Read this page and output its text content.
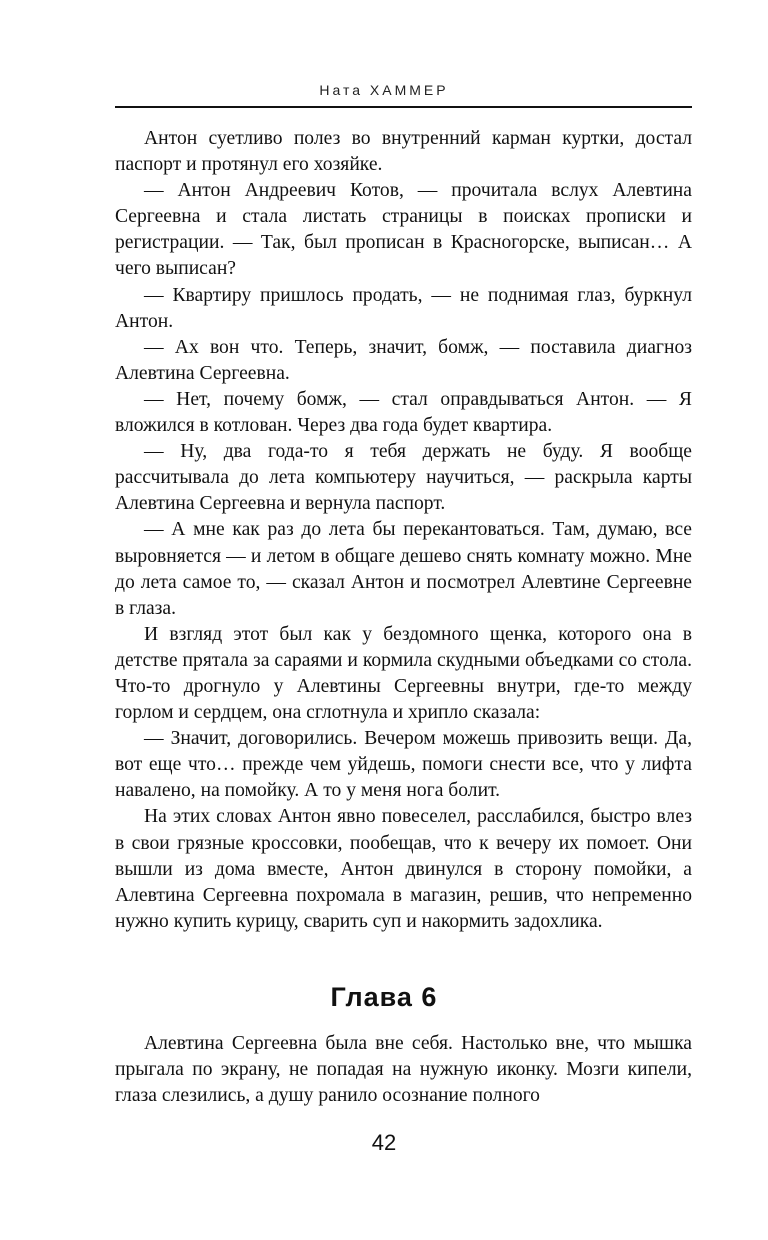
Ната ХАММЕР

Антон суетливо полез во внутренний карман куртки, достал паспорт и протянул его хозяйке.

— Антон Андреевич Котов, — прочитала вслух Алевтина Сергеевна и стала листать страницы в поисках прописки и регистрации. — Так, был прописан в Красногорске, выписан… А чего выписан?

— Квартиру пришлось продать, — не поднимая глаз, буркнул Антон.

— Ах вон что. Теперь, значит, бомж, — поставила диагноз Алевтина Сергеевна.

— Нет, почему бомж, — стал оправдываться Антон. — Я вложился в котлован. Через два года будет квартира.

— Ну, два года-то я тебя держать не буду. Я вообще рассчитывала до лета компьютеру научиться, — раскрыла карты Алевтина Сергеевна и вернула паспорт.

— А мне как раз до лета бы перекантоваться. Там, думаю, все выровняется — и летом в общаге дешево снять комнату можно. Мне до лета самое то, — сказал Антон и посмотрел Алевтине Сергеевне в глаза.

И взгляд этот был как у бездомного щенка, которого она в детстве прятала за сараями и кормила скудными объедками со стола. Что-то дрогнуло у Алевтины Сергеевны внутри, где-то между горлом и сердцем, она сглотнула и хрипло сказала:

— Значит, договорились. Вечером можешь привозить вещи. Да, вот еще что… прежде чем уйдешь, помоги снести все, что у лифта навалено, на помойку. А то у меня нога болит.

На этих словах Антон явно повеселел, расслабился, быстро влез в свои грязные кроссовки, пообещав, что к вечеру их помоет. Они вышли из дома вместе, Антон двинулся в сторону помойки, а Алевтина Сергеевна похромала в магазин, решив, что непременно нужно купить курицу, сварить суп и накормить задохлика.

Глава 6

Алевтина Сергеевна была вне себя. Настолько вне, что мышка прыгала по экрану, не попадая на нужную иконку. Мозги кипели, глаза слезились, а душу ранило осознание полного

42
